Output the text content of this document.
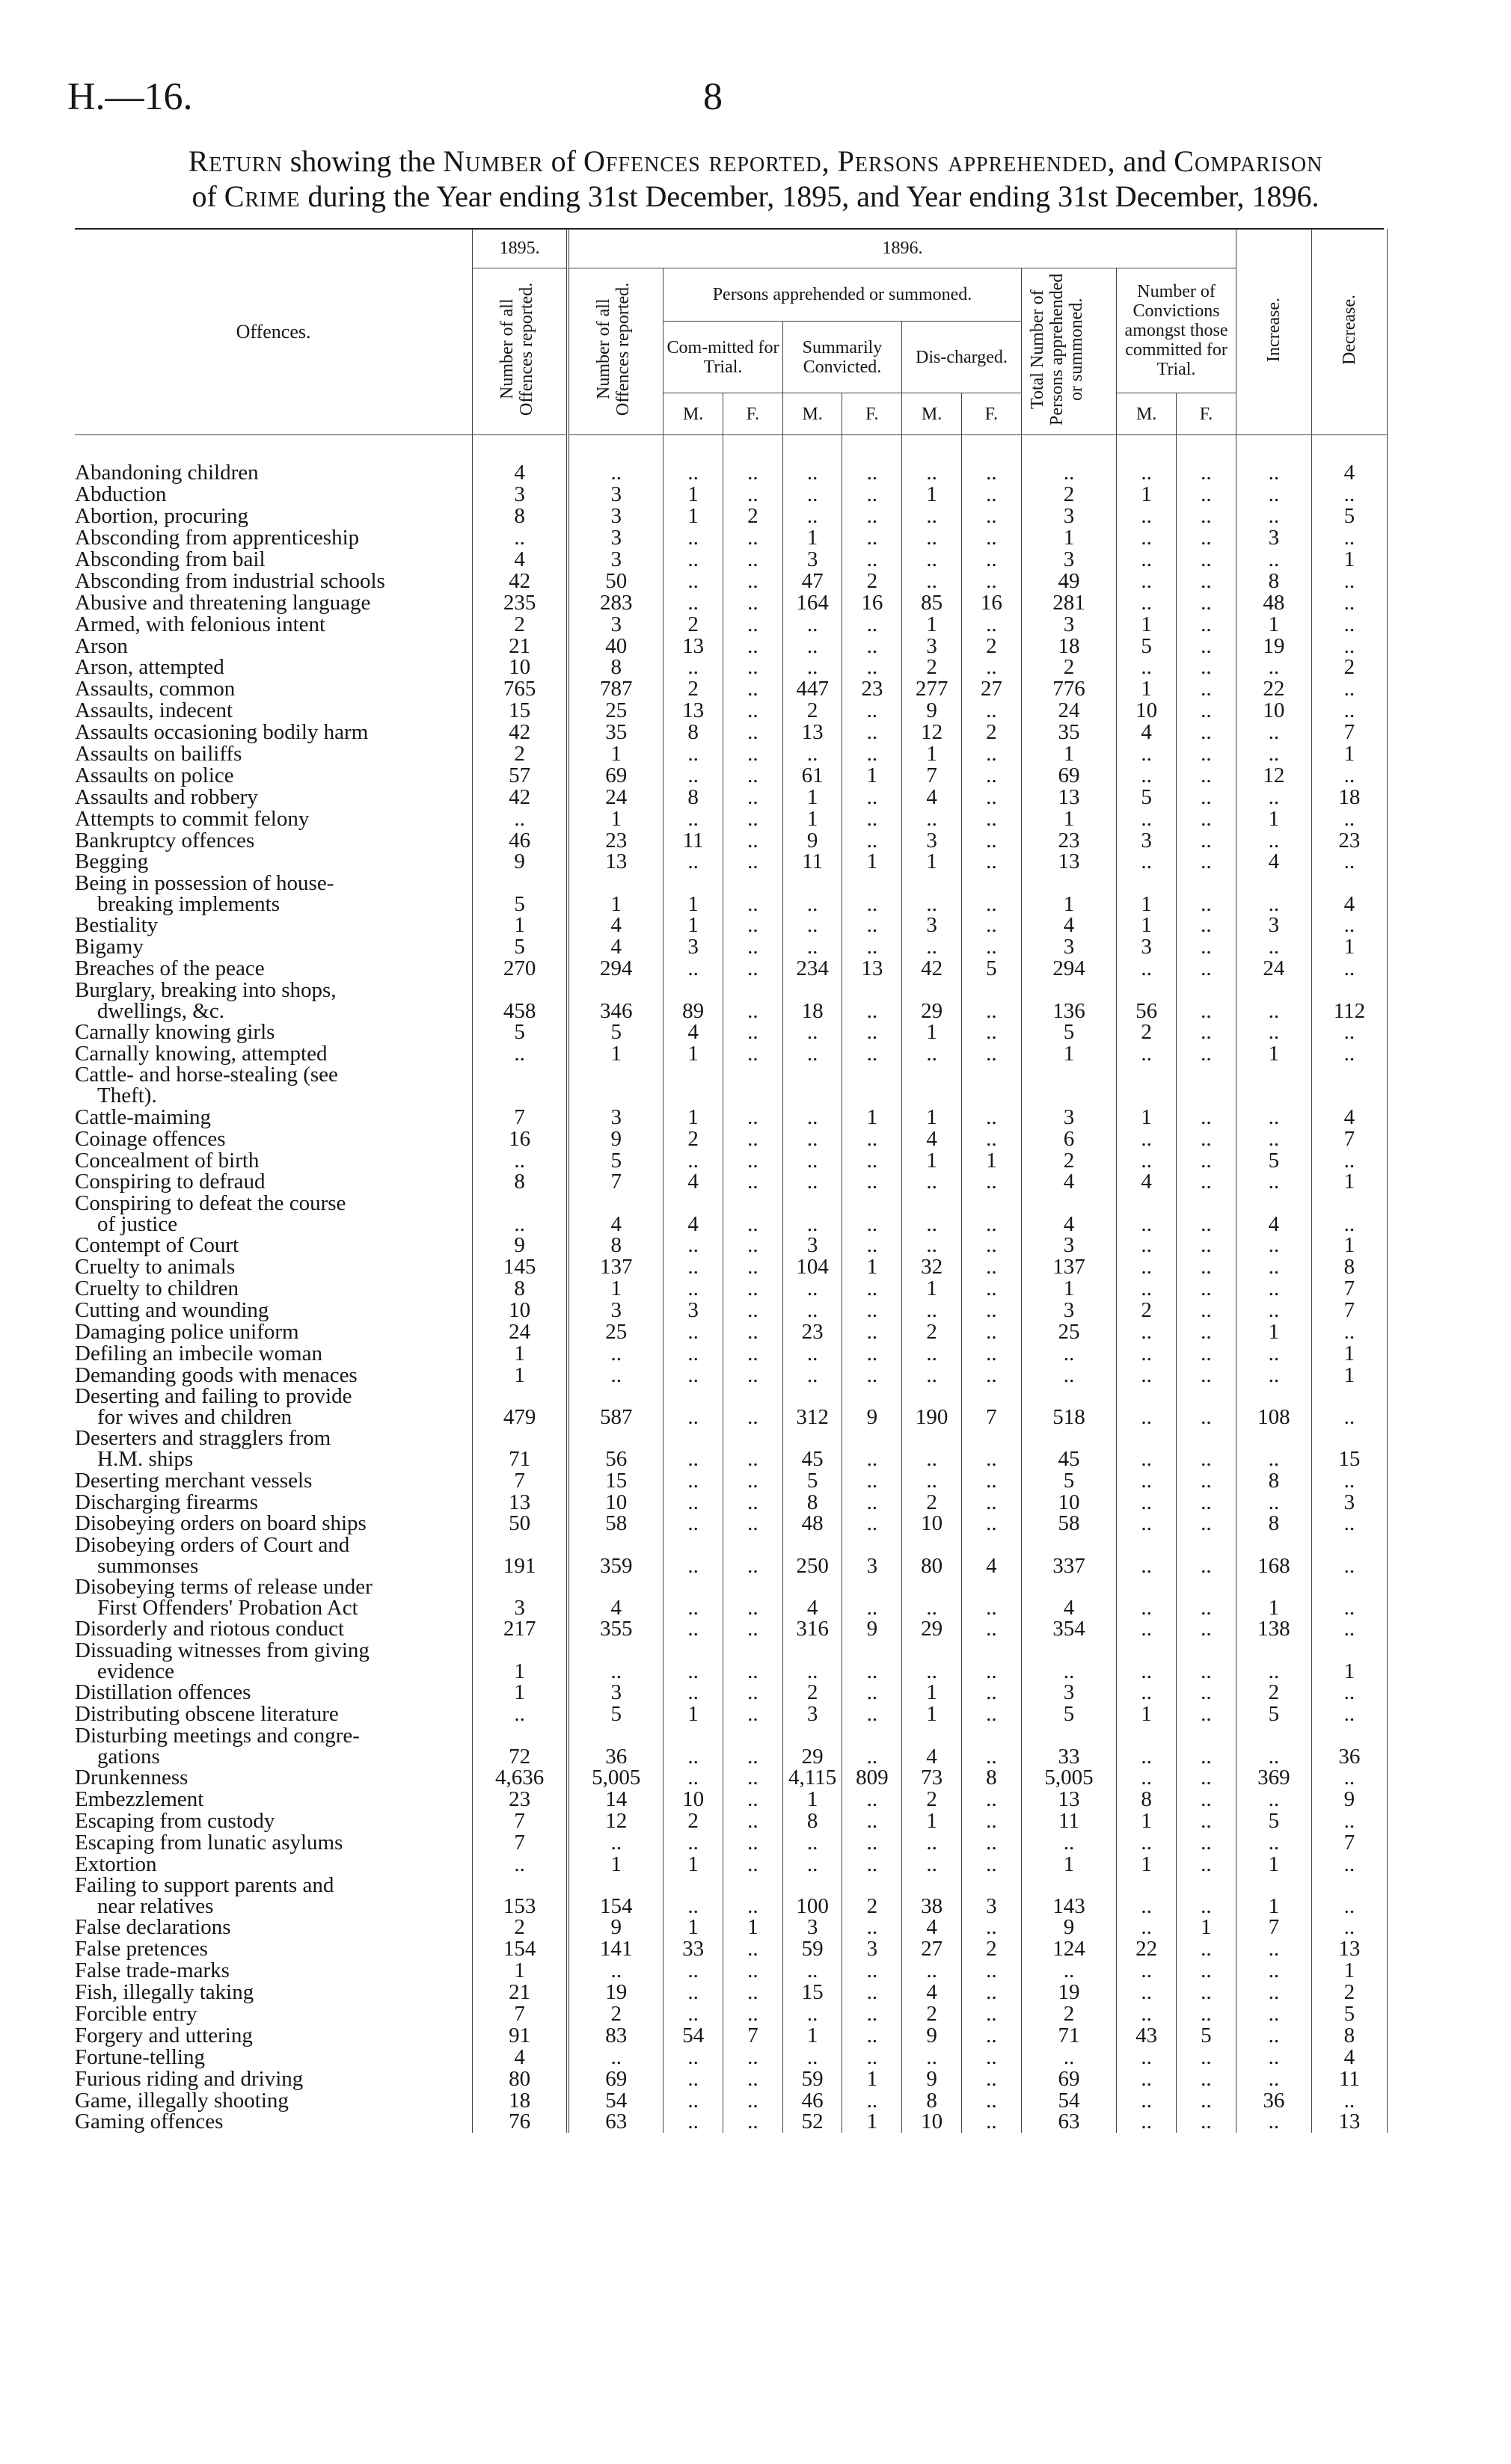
H.—16.	8
Return showing the Number of Offences reported, Persons apprehended, and Comparison
of Crime during the Year ending 31st December, 1895, and Year ending 31st December, 1896.
Offences.	1895.	1896.										Increase.	Decrease.
	Number of all Offences reported.	Number of all Offences reported.	Persons apprehended or summoned.						Total Number of Persons apprehended or summoned.	Number of Convictions amongst those committed for Trial.			
			Com-mitted for Trial.		Summarily Convicted.		Dis-charged.						
			M.	F.	M.	F.	M.	F.		M.	F.		
Abandoning children	4	..	..	..	..	..	..	..	..	..	..	..	4
Abduction	3	3	1	..	..	..	1	..	2	1	..	..	..
Abortion, procuring	8	3	1	2	..	..	..	..	3	..	..	..	5
Absconding from apprenticeship	..	3	..	..	1	..	..	..	1	..	..	3	..
Absconding from bail	4	3	..	..	3	..	..	..	3	..	..	..	1
Absconding from industrial schools	42	50	..	..	47	2	..	..	49	..	..	8	..
Abusive and threatening language	235	283	..	..	164	16	85	16	281	..	..	48	..
Armed, with felonious intent	2	3	2	..	..	..	1	..	3	1	..	1	..
Arson	21	40	13	..	..	..	3	2	18	5	..	19	..
Arson, attempted	10	8	..	..	..	..	2	..	2	..	..	..	2
Assaults, common	765	787	2	..	447	23	277	27	776	1	..	22	..
Assaults, indecent	15	25	13	..	2	..	9	..	24	10	..	10	..
Assaults occasioning bodily harm	42	35	8	..	13	..	12	2	35	4	..	..	7
Assaults on bailiffs	2	1	..	..	..	..	1	..	1	..	..	..	1
Assaults on police	57	69	..	..	61	1	7	..	69	..	..	12	..
Assaults and robbery	42	24	8	..	1	..	4	..	13	5	..	..	18
Attempts to commit felony	..	1	..	..	1	..	..	..	1	..	..	1	..
Bankruptcy offences	46	23	11	..	9	..	3	..	23	3	..	..	23
Begging	9	13	..	..	11	1	1	..	13	..	..	4	..
Being in possession of house-
breaking implements	5	1	1	..	..	..	..	..	1	1	..	..	4
Bestiality	1	4	1	..	..	..	3	..	4	1	..	3	..
Bigamy	5	4	3	..	..	..	..	..	3	3	..	..	1
Breaches of the peace	270	294	..	..	234	13	42	5	294	..	..	24	..
Burglary, breaking into shops,
dwellings, &c.	458	346	89	..	18	..	29	..	136	56	..	..	112
Carnally knowing girls	5	5	4	..	..	..	1	..	5	2	..	..	..
Carnally knowing, attempted	..	1	1	..	..	..	..	..	1	..	..	1	..
Cattle- and horse-stealing (see
Theft).													
Cattle-maiming	7	3	1	..	..	1	1	..	3	1	..	..	4
Coinage offences	16	9	2	..	..	..	4	..	6	..	..	..	7
Concealment of birth	..	5	..	..	..	..	1	1	2	..	..	5	..
Conspiring to defraud	8	7	4	..	..	..	..	..	4	4	..	..	1
Conspiring to defeat the course
of justice	..	4	4	..	..	..	..	..	4	..	..	4	..
Contempt of Court	9	8	..	..	3	..	..	..	3	..	..	..	1
Cruelty to animals	145	137	..	..	104	1	32	..	137	..	..	..	8
Cruelty to children	8	1	..	..	..	..	1	..	1	..	..	..	7
Cutting and wounding	10	3	3	..	..	..	..	..	3	2	..	..	7
Damaging police uniform	24	25	..	..	23	..	2	..	25	..	..	1	..
Defiling an imbecile woman	1	..	..	..	..	..	..	..	..	..	..	..	1
Demanding goods with menaces	1	..	..	..	..	..	..	..	..	..	..	..	1
Deserting and failing to provide
for wives and children	479	587	..	..	312	9	190	7	518	..	..	108	..
Deserters and stragglers from
H.M. ships	71	56	..	..	45	..	..	..	45	..	..	..	15
Deserting merchant vessels	7	15	..	..	5	..	..	..	5	..	..	8	..
Discharging firearms	13	10	..	..	8	..	2	..	10	..	..	..	3
Disobeying orders on board ships	50	58	..	..	48	..	10	..	58	..	..	8	..
Disobeying orders of Court and
summonses	191	359	..	..	250	3	80	4	337	..	..	168	..
Disobeying terms of release under
First Offenders' Probation Act	3	4	..	..	4	..	..	..	4	..	..	1	..
Disorderly and riotous conduct	217	355	..	..	316	9	29	..	354	..	..	138	..
Dissuading witnesses from giving
evidence	1	..	..	..	..	..	..	..	..	..	..	..	1
Distillation offences	1	3	..	..	2	..	1	..	3	..	..	2	..
Distributing obscene literature	..	5	1	..	3	..	1	..	5	1	..	5	..
Disturbing meetings and congre-
gations	72	36	..	..	29	..	4	..	33	..	..	..	36
Drunkenness	4,636	5,005	..	..	4,115	809	73	8	5,005	..	..	369	..
Embezzlement	23	14	10	..	1	..	2	..	13	8	..	..	9
Escaping from custody	7	12	2	..	8	..	1	..	11	1	..	5	..
Escaping from lunatic asylums	7	..	..	..	..	..	..	..	..	..	..	..	7
Extortion	..	1	1	..	..	..	..	..	1	1	..	1	..
Failing to support parents and
near relatives	153	154	..	..	100	2	38	3	143	..	..	1	..
False declarations	2	9	1	1	3	..	4	..	9	..	1	7	..
False pretences	154	141	33	..	59	3	27	2	124	22	..	..	13
False trade-marks	1	..	..	..	..	..	..	..	..	..	..	..	1
Fish, illegally taking	21	19	..	..	15	..	4	..	19	..	..	..	2
Forcible entry	7	2	..	..	..	..	2	..	2	..	..	..	5
Forgery and uttering	91	83	54	7	1	..	9	..	71	43	5	..	8
Fortune-telling	4	..	..	..	..	..	..	..	..	..	..	..	4
Furious riding and driving	80	69	..	..	59	1	9	..	69	..	..	..	11
Game, illegally shooting	18	54	..	..	46	..	8	..	54	..	..	36	..
Gaming offences	76	63	..	..	52	1	10	..	63	..	..	..	13
